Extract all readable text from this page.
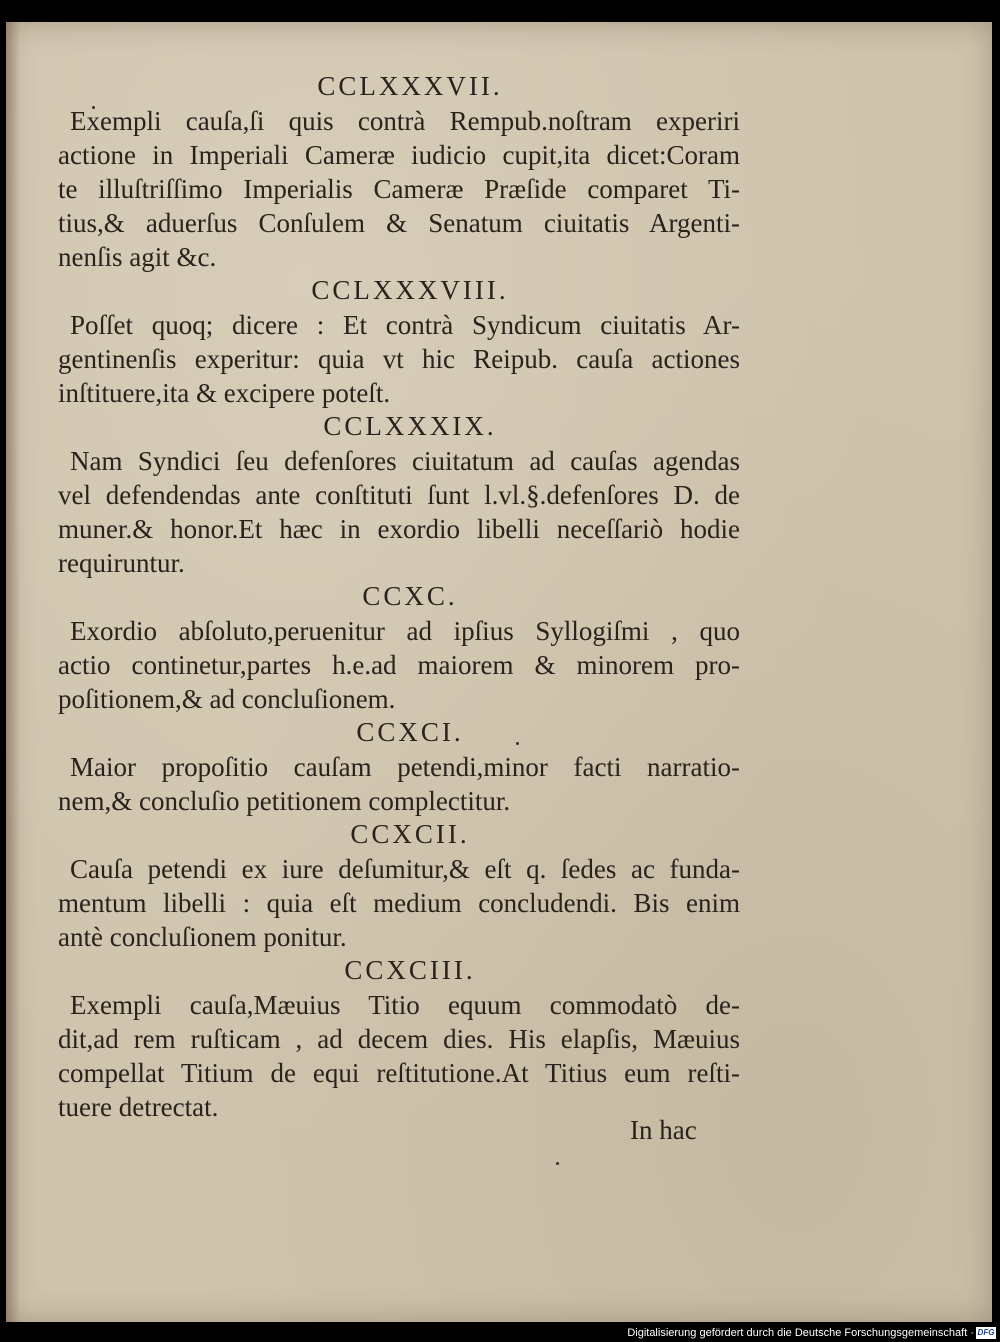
CCLXXXVII.
Exempli cauſa,ſi quis contrà Rempub.noſtram experiri
actione in Imperiali Cameræ iudicio cupit,ita dicet:Coram
te illuſtriſſimo Imperialis Cameræ Præſide comparet Ti-
tius,& aduerſus Conſulem & Senatum ciuitatis Argenti-
nenſis agit &c.
CCLXXXVIII.
Poſſet quoq; dicere : Et contrà Syndicum ciuitatis Ar-
gentinenſis experitur: quia vt hic Reipub. cauſa actiones
inſtituere,ita & excipere poteſt.
CCLXXXIX.
Nam Syndici ſeu defenſores ciuitatum ad cauſas agendas
vel defendendas ante conſtituti ſunt l.vl.§.defenſores D. de
muner.& honor.Et hæc in exordio libelli neceſſariò hodie
requiruntur.
CCXC.
Exordio abſoluto,peruenitur ad ipſius Syllogiſmi , quo
actio continetur,partes h.e.ad maiorem & minorem pro-
poſitionem,& ad concluſionem.
CCXCI.
Maior propoſitio cauſam petendi,minor facti narratio-
nem,& concluſio petitionem complectitur.
CCXCII.
Cauſa petendi ex iure deſumitur,& eſt q. ſedes ac funda-
mentum libelli : quia eſt medium concludendi. Bis enim
antè concluſionem ponitur.
CCXCIII.
Exempli cauſa,Mæuius Titio equum commodatò de-
dit,ad rem ruſticam , ad decem dies. His elapſis, Mæuius
compellat Titium de equi reſtitutione.At Titius eum reſti-
tuere detrectat.
In hac
Digitalisierung gefördert durch die Deutsche Forschungsgemeinschaft · DFG
